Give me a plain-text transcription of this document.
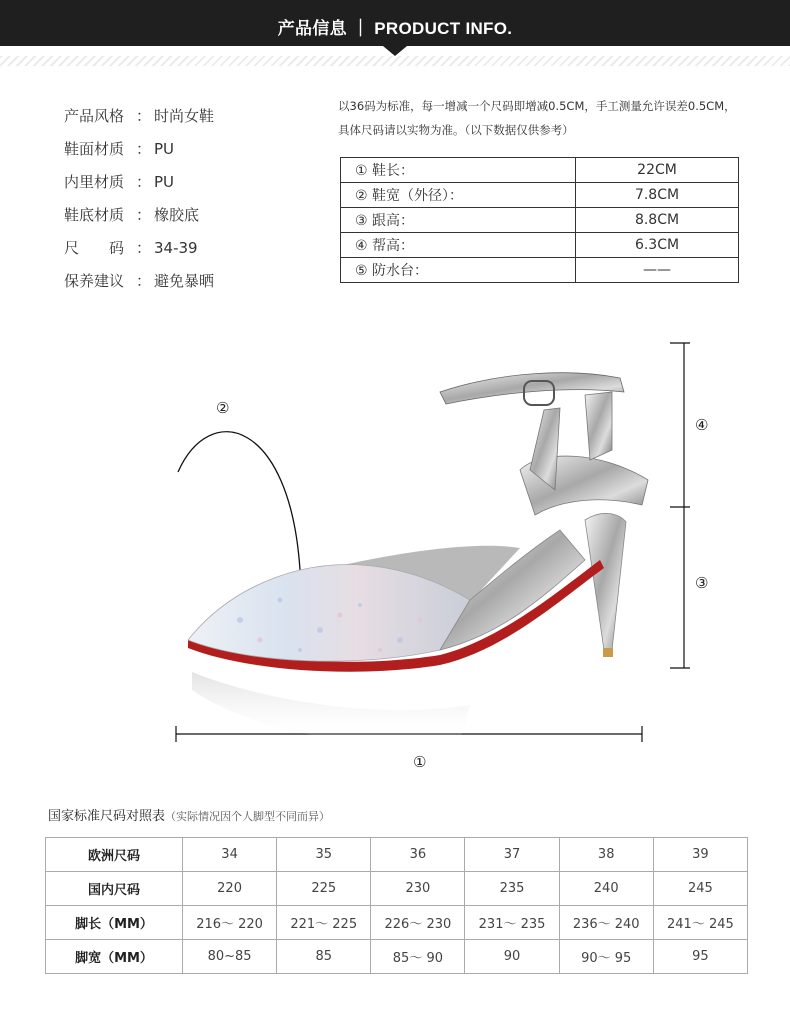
产品信息 ｜ PRODUCT INFO.
产品风格 ： 时尚女鞋
鞋面材质 ： PU
内里材质 ： PU
鞋底材质 ： 橡胶底
尺　　码 ： 34-39
保养建议 ： 避免暴晒
以36码为标准，每一增减一个尺码即增减0.5CM，手工测量允许误差0.5CM，
具体尺码请以实物为准。（以下数据仅供参考）
① 鞋长：	22CM
② 鞋宽（外径）：	7.8CM
③ 跟高：	8.8CM
④ 帮高：	6.3CM
⑤ 防水台：	——
②
④
③
①
国家标准尺码对照表（实际情况因个人脚型不同而异）
欧洲尺码	34	35	36	37	38	39
国内尺码	220	225	230	235	240	245
脚长（MM）	216～ 220	221～ 225	226～ 230	231～ 235	236～ 240	241～ 245
脚宽（MM）	80~85	85	85～ 90	90	90～ 95	95
